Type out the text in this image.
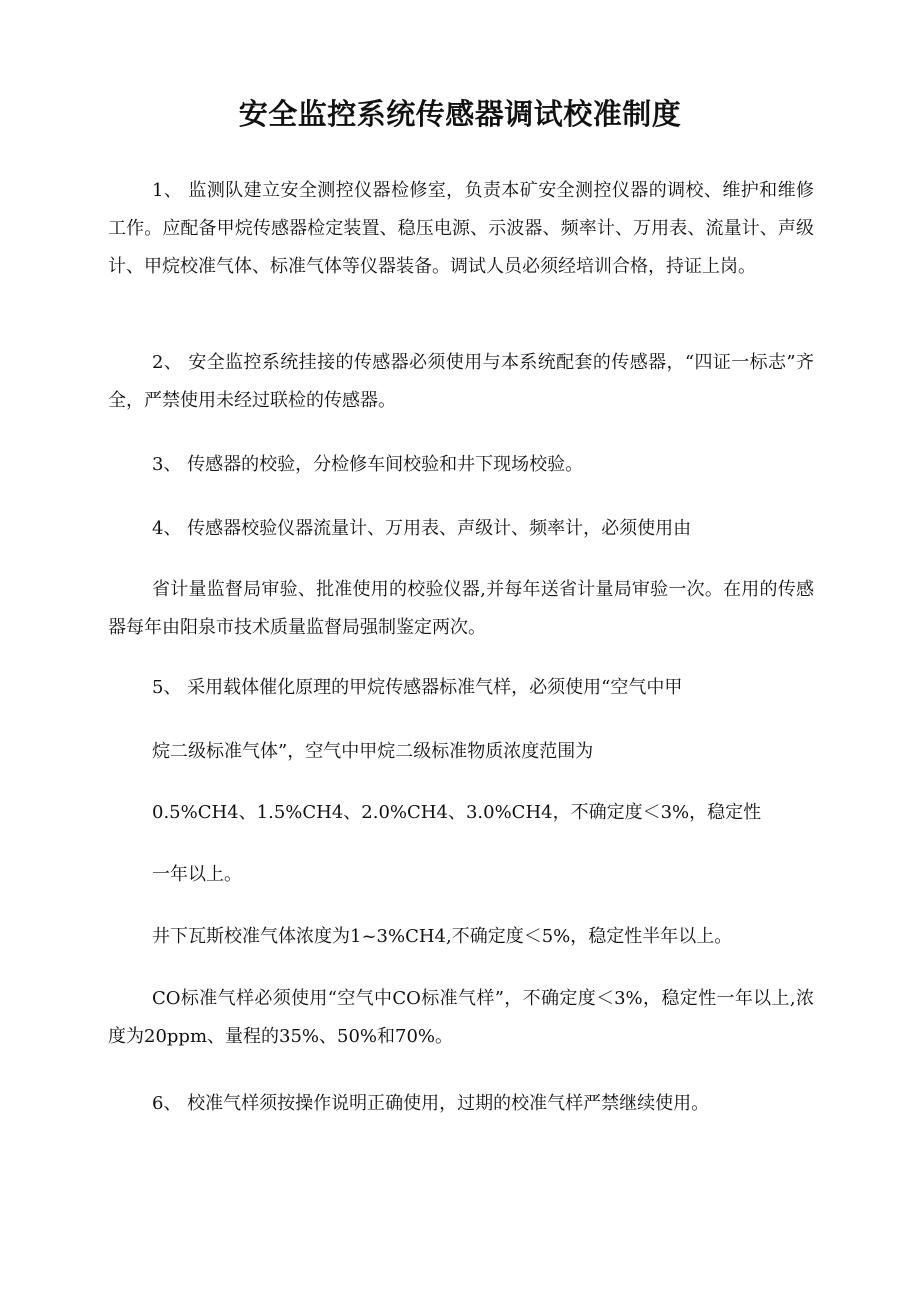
安全监控系统传感器调试校准制度

1、 监测队建立安全测控仪器检修室，负责本矿安全测控仪器的调校、维护和维修工作。应配备甲烷传感器检定装置、稳压电源、示波器、频率计、万用表、流量计、声级计、甲烷校准气体、标准气体等仪器装备。调试人员必须经培训合格，持证上岗。

2、 安全监控系统挂接的传感器必须使用与本系统配套的传感器，“四证一标志”齐全，严禁使用未经过联检的传感器。

3、 传感器的校验，分检修车间校验和井下现场校验。

4、 传感器校验仪器流量计、万用表、声级计、频率计，必须使用由

省计量监督局审验、批准使用的校验仪器,并每年送省计量局审验一次。在用的传感器每年由阳泉市技术质量监督局强制鉴定两次。

5、 采用载体催化原理的甲烷传感器标准气样，必须使用“空气中甲

烷二级标准气体”，空气中甲烷二级标准物质浓度范围为

0.5%CH4、1.5%CH4、2.0%CH4、3.0%CH4，不确定度＜3%，稳定性

一年以上。

井下瓦斯校准气体浓度为1~3%CH4,不确定度＜5%，稳定性半年以上。

CO标准气样必须使用“空气中CO标准气样”，不确定度＜3%，稳定性一年以上,浓度为20ppm、量程的35%、50%和70%。

6、 校准气样须按操作说明正确使用，过期的校准气样严禁继续使用。
